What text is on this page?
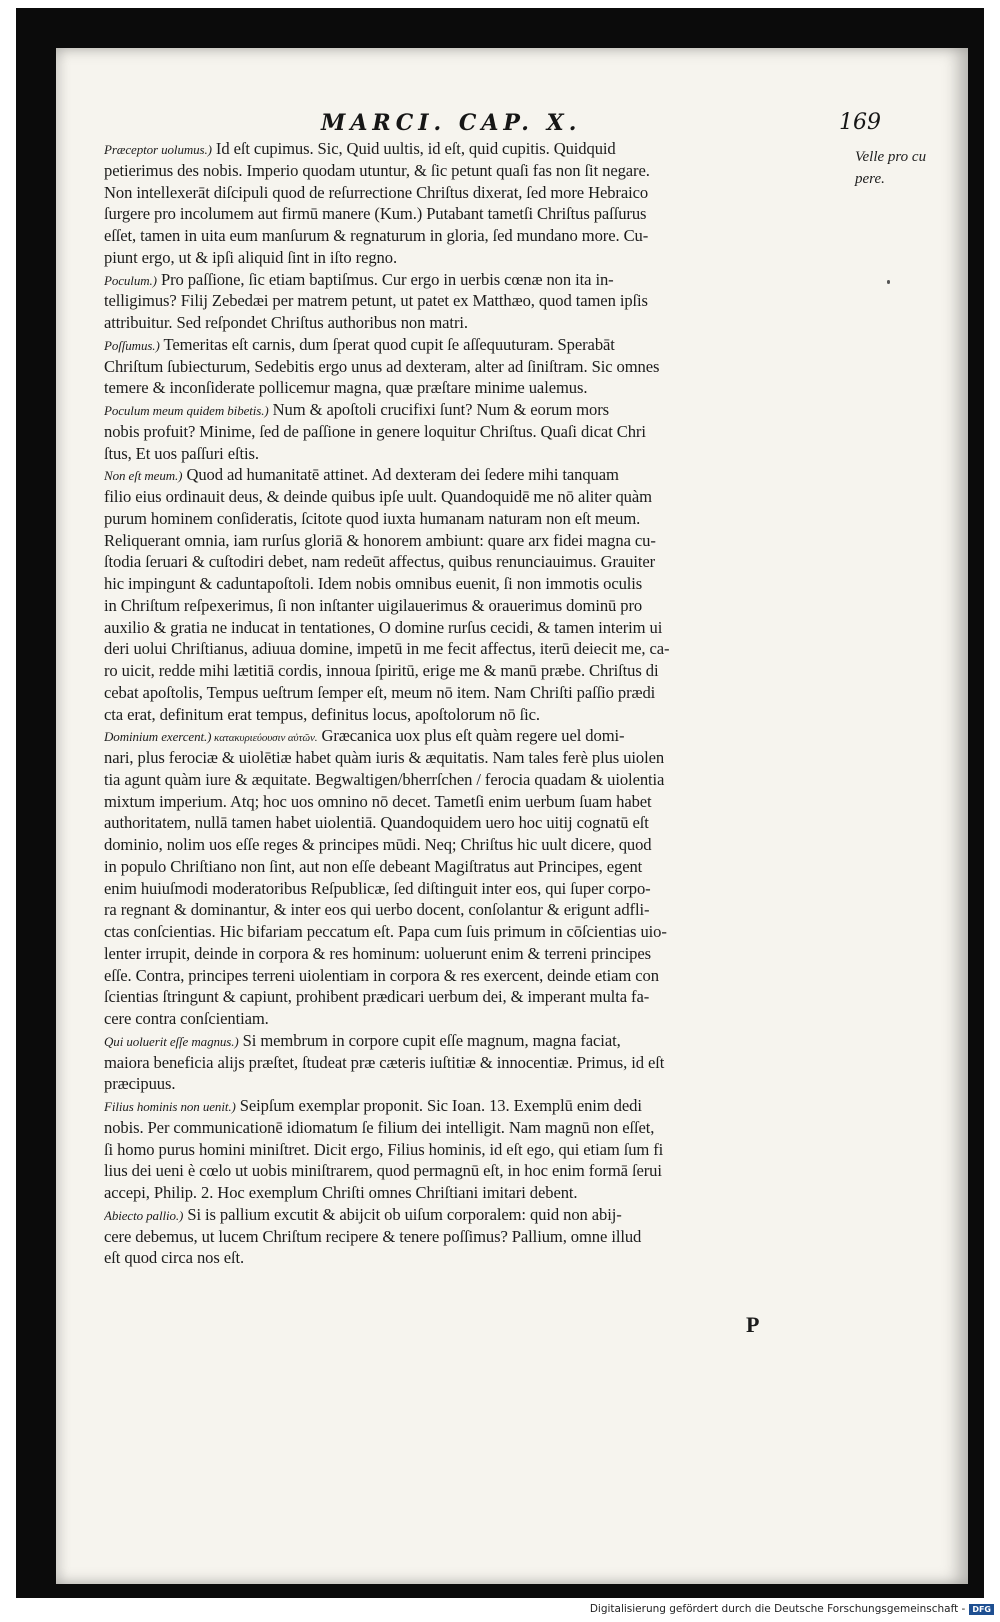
MARCI. CAP. X.	169
Præceptor uolumus.) Id eſt cupimus. Sic, Quid uultis, id eſt, quid cupitis. Quidquid
petierimus des nobis. Imperio quodam utuntur, & ſic petunt quaſi fas non ſit negare.
Non intellexerāt diſcipuli quod de reſurrectione Chriſtus dixerat, ſed more Hebraico
ſurgere pro incolumem aut firmū manere (Kum.) Putabant tametſi Chriſtus paſſurus
eſſet, tamen in uita eum manſurum & regnaturum in gloria, ſed mundano more. Cu-
piunt ergo, ut & ipſi aliquid ſint in iſto regno.
Poculum.) Pro paſſione, ſic etiam baptiſmus. Cur ergo in uerbis cœnæ non ita in-
telligimus? Filij Zebedæi per matrem petunt, ut patet ex Matthæo, quod tamen ipſis
attribuitur. Sed reſpondet Chriſtus authoribus non matri.
Poſſumus.) Temeritas eſt carnis, dum ſperat quod cupit ſe aſſequuturam. Sperabāt
Chriſtum ſubiecturum, Sedebitis ergo unus ad dexteram, alter ad ſiniſtram. Sic omnes
temere & inconſiderate pollicemur magna, quæ præſtare minime ualemus.
Poculum meum quidem bibetis.) Num & apoſtoli crucifixi ſunt? Num & eorum mors
nobis profuit? Minime, ſed de paſſione in genere loquitur Chriſtus. Quaſi dicat Chri
ſtus, Et uos paſſuri eſtis.
Non eſt meum.) Quod ad humanitatē attinet. Ad dexteram dei ſedere mihi tanquam
filio eius ordinauit deus, & deinde quibus ipſe uult. Quandoquidē me nō aliter quàm
purum hominem conſideratis, ſcitote quod iuxta humanam naturam non eſt meum.
Reliquerant omnia, iam rurſus gloriā & honorem ambiunt: quare arx fidei magna cu-
ſtodia ſeruari & cuſtodiri debet, nam redeūt affectus, quibus renunciauimus. Grauiter
hic impingunt & caduntapoſtoli. Idem nobis omnibus euenit, ſi non immotis oculis
in Chriſtum reſpexerimus, ſi non inſtanter uigilauerimus & orauerimus dominū pro
auxilio & gratia ne inducat in tentationes, O domine rurſus cecidi, & tamen interim ui
deri uolui Chriſtianus, adiuua domine, impetū in me fecit affectus, iterū deiecit me, ca-
ro uicit, redde mihi lætitiā cordis, innoua ſpiritū, erige me & manū præbe. Chriſtus di
cebat apoſtolis, Tempus ueſtrum ſemper eſt, meum nō item. Nam Chriſti paſſio prædi
cta erat, definitum erat tempus, definitus locus, apoſtolorum nō ſic.
Dominium exercent.) κατακυριεύουσιν αὐτῶν. Græcanica uox plus eſt quàm regere uel domi-
nari, plus ferociæ & uiolētiæ habet quàm iuris & æquitatis. Nam tales ferè plus uiolen
tia agunt quàm iure & æquitate. Begwaltigen/bherrſchen / ferocia quadam & uiolentia
mixtum imperium. Atq; hoc uos omnino nō decet. Tametſi enim uerbum ſuam habet
authoritatem, nullā tamen habet uiolentiā. Quandoquidem uero hoc uitij cognatū eſt
dominio, nolim uos eſſe reges & principes mūdi. Neq; Chriſtus hic uult dicere, quod
in populo Chriſtiano non ſint, aut non eſſe debeant Magiſtratus aut Principes, egent
enim huiuſmodi moderatoribus Reſpublicæ, ſed diſtinguit inter eos, qui ſuper corpo-
ra regnant & dominantur, & inter eos qui uerbo docent, conſolantur & erigunt adfli-
ctas conſcientias. Hic bifariam peccatum eſt. Papa cum ſuis primum in cōſcientias uio-
lenter irrupit, deinde in corpora & res hominum: uoluerunt enim & terreni principes
eſſe. Contra, principes terreni uiolentiam in corpora & res exercent, deinde etiam con
ſcientias ſtringunt & capiunt, prohibent prædicari uerbum dei, & imperant multa fa-
cere contra conſcientiam.
Qui uoluerit eſſe magnus.) Si membrum in corpore cupit eſſe magnum, magna faciat,
maiora beneficia alijs præſtet, ſtudeat præ cæteris iuſtitiæ & innocentiæ. Primus, id eſt
præcipuus.
Filius hominis non uenit.) Seipſum exemplar proponit. Sic Ioan. 13. Exemplū enim dedi
nobis. Per communicationē idiomatum ſe filium dei intelligit. Nam magnū non eſſet,
ſi homo purus homini miniſtret. Dicit ergo, Filius hominis, id eſt ego, qui etiam ſum fi
lius dei ueni è cœlo ut uobis miniſtrarem, quod permagnū eſt, in hoc enim formā ſerui
accepi, Philip. 2. Hoc exemplum Chriſti omnes Chriſtiani imitari debent.
Abiecto pallio.) Si is pallium excutit & abijcit ob uiſum corporalem: quid non abij-
cere debemus, ut lucem Chriſtum recipere & tenere poſſimus? Pallium, omne illud
eſt quod circa nos eſt.
Velle pro cu pere.
P
Digitalisierung gefördert durch die Deutsche Forschungsgemeinschaft - DFG
